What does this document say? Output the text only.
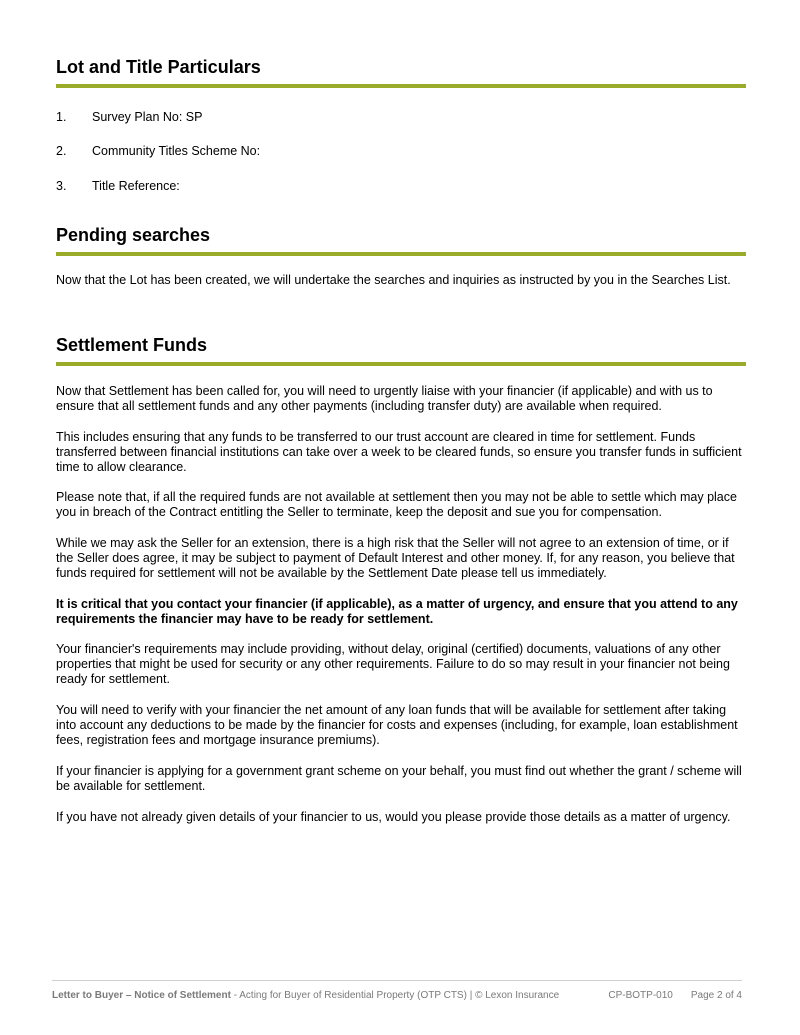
Lot and Title Particulars
1. Survey Plan No: SP
2. Community Titles Scheme No:
3. Title Reference:
Pending searches

Now that the Lot has been created, we will undertake the searches and inquiries as instructed by you in the Searches List.

Settlement Funds

Now that Settlement has been called for, you will need to urgently liaise with your financier (if applicable) and with us to ensure that all settlement funds and any other payments (including transfer duty) are available when required.

This includes ensuring that any funds to be transferred to our trust account are cleared in time for settlement. Funds transferred between financial institutions can take over a week to be cleared funds, so ensure you transfer funds in sufficient time to allow clearance.

Please note that, if all the required funds are not available at settlement then you may not be able to settle which may place you in breach of the Contract entitling the Seller to terminate, keep the deposit and sue you for compensation.

While we may ask the Seller for an extension, there is a high risk that the Seller will not agree to an extension of time, or if the Seller does agree, it may be subject to payment of Default Interest and other money. If, for any reason, you believe that funds required for settlement will not be available by the Settlement Date please tell us immediately.

It is critical that you contact your financier (if applicable), as a matter of urgency, and ensure that you attend to any requirements the financier may have to be ready for settlement.

Your financier's requirements may include providing, without delay, original (certified) documents, valuations of any other properties that might be used for security or any other requirements. Failure to do so may result in your financier not being ready for settlement.

You will need to verify with your financier the net amount of any loan funds that will be available for settlement after taking into account any deductions to be made by the financier for costs and expenses (including, for example, loan establishment fees, registration fees and mortgage insurance premiums).

If your financier is applying for a government grant scheme on your behalf, you must find out whether the grant / scheme will be available for settlement.

If you have not already given details of your financier to us, would you please provide those details as a matter of urgency.

Letter to Buyer – Notice of Settlement - Acting for Buyer of Residential Property (OTP CTS) | © Lexon Insurance	CP-BOTP-010 Page 2 of 4
